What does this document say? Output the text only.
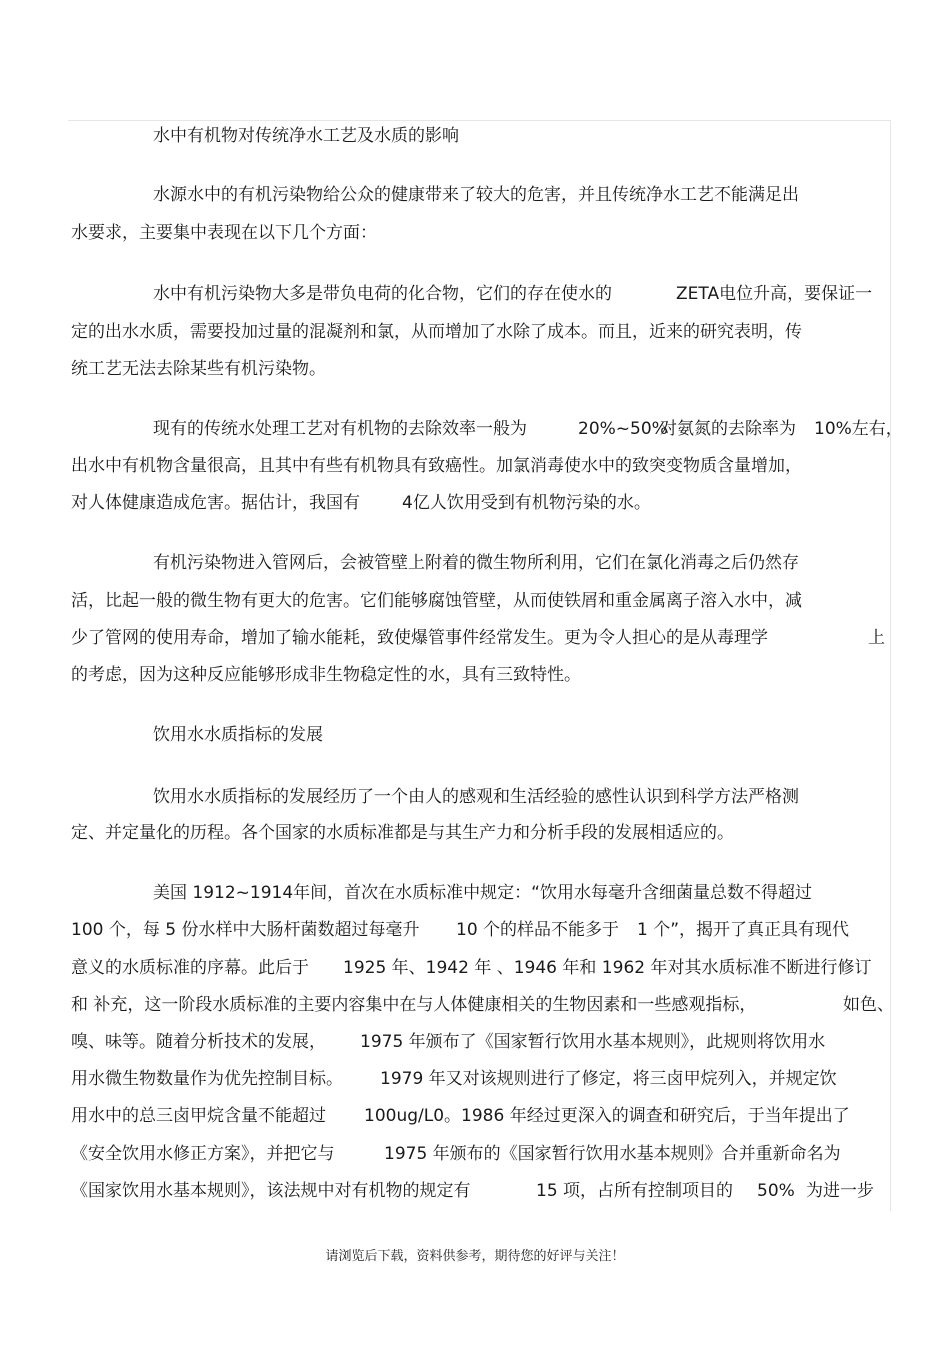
水中有机物对传统净水工艺及水质的影响
水源水中的有机污染物给公众的健康带来了较大的危害，并且传统净水工艺不能满足出
水要求，主要集中表现在以下几个方面：
水中有机污染物大多是带负电荷的化合物，它们的存在使水的	ZETA电位升高，要保证一
定的出水水质，需要投加过量的混凝剂和氯，从而增加了水除了成本。而且，近来的研究表明，传
统工艺无法去除某些有机污染物。
现有的传统水处理工艺对有机物的去除效率一般为	20%~50%
对氨氮的去除率为 10%左右，
出水中有机物含量很高，且其中有些有机物具有致癌性。加氯消毒使水中的致突变物质含量增加，
对人体健康造成危害。据估计，我国有 4亿人饮用受到有机物污染的水。
有机污染物进入管网后，会被管壁上附着的微生物所利用，它们在氯化消毒之后仍然存
活，比起一般的微生物有更大的危害。它们能够腐蚀管壁，从而使铁屑和重金属离子溶入水中，减
少了管网的使用寿命，增加了输水能耗，致使爆管事件经常发生。更为令人担心的是从毒理学	上
的考虑，因为这种反应能够形成非生物稳定性的水，具有三致特性。
饮用水水质指标的发展
饮用水水质指标的发展经历了一个由人的感观和生活经验的感性认识到科学方法严格测
定、并定量化的历程。各个国家的水质标准都是与其生产力和分析手段的发展相适应的。
美国 1912~1914年间，首次在水质标准中规定：“饮用水每毫升含细菌量总数不得超过
100 个，每 5 份水样中大肠杆菌数超过每毫升 10 个的样品不能多于 1 个”，揭开了真正具有现代
意义的水质标准的序幕。此后于 1925 年、1942 年 、1946 年和 1962 年对其水质标准不断进行修订
和 补充，这一阶段水质标准的主要内容集中在与人体健康相关的生物因素和一些感观指标，	如色、
嗅、味等。随着分析技术的发展， 1975 年颁布了《国家暂行饮用水基本规则》，此规则将饮用水
用水微生物数量作为优先控制目标。 1979 年又对该规则进行了修定，将三卤甲烷列入，并规定饮
用水中的总三卤甲烷含量不能超过 100ug/L0。1986 年经过更深入的调查和研究后，于当年提出了
《安全饮用水修正方案》，并把它与	1975 年颁布的《国家暂行饮用水基本规则》合并重新命名为
《国家饮用水基本规则》，该法规中对有机物的规定有	15 项，占所有控制项目的 50% 为进一步
请浏览后下载，资料供参考，期待您的好评与关注！
